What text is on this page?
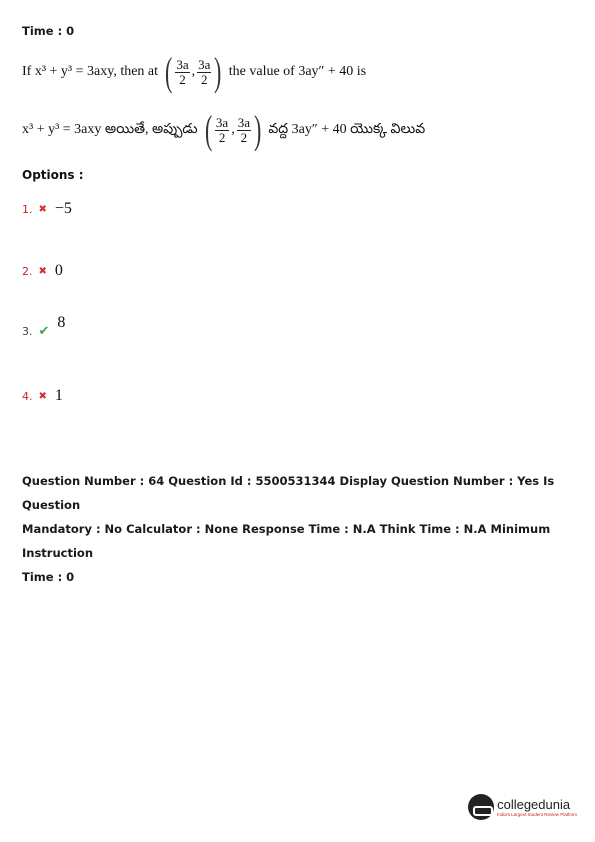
Time : 0
If x³ + y³ = 3axy, then at ( $\frac{3a}{2}$ , $\frac{3a}{2}$ ) the value of 3ay″ + 40 is
x³ + y³ = 3axy అయితే, అప్పుడు ( $\frac{3a}{2}$ , $\frac{3a}{2}$ ) వద్ద 3ay″ + 40 యొక్క విలువ
Options :
1. ✖ −5
2. ✖ 0
3. ✔ 8
4. ✖ 1
Question Number : 64 Question Id : 5500531344 Display Question Number : Yes Is Question
Mandatory : No Calculator : None Response Time : N.A Think Time : N.A Minimum Instruction
Time : 0
collegedunia
India's Largest Student Review Platform
